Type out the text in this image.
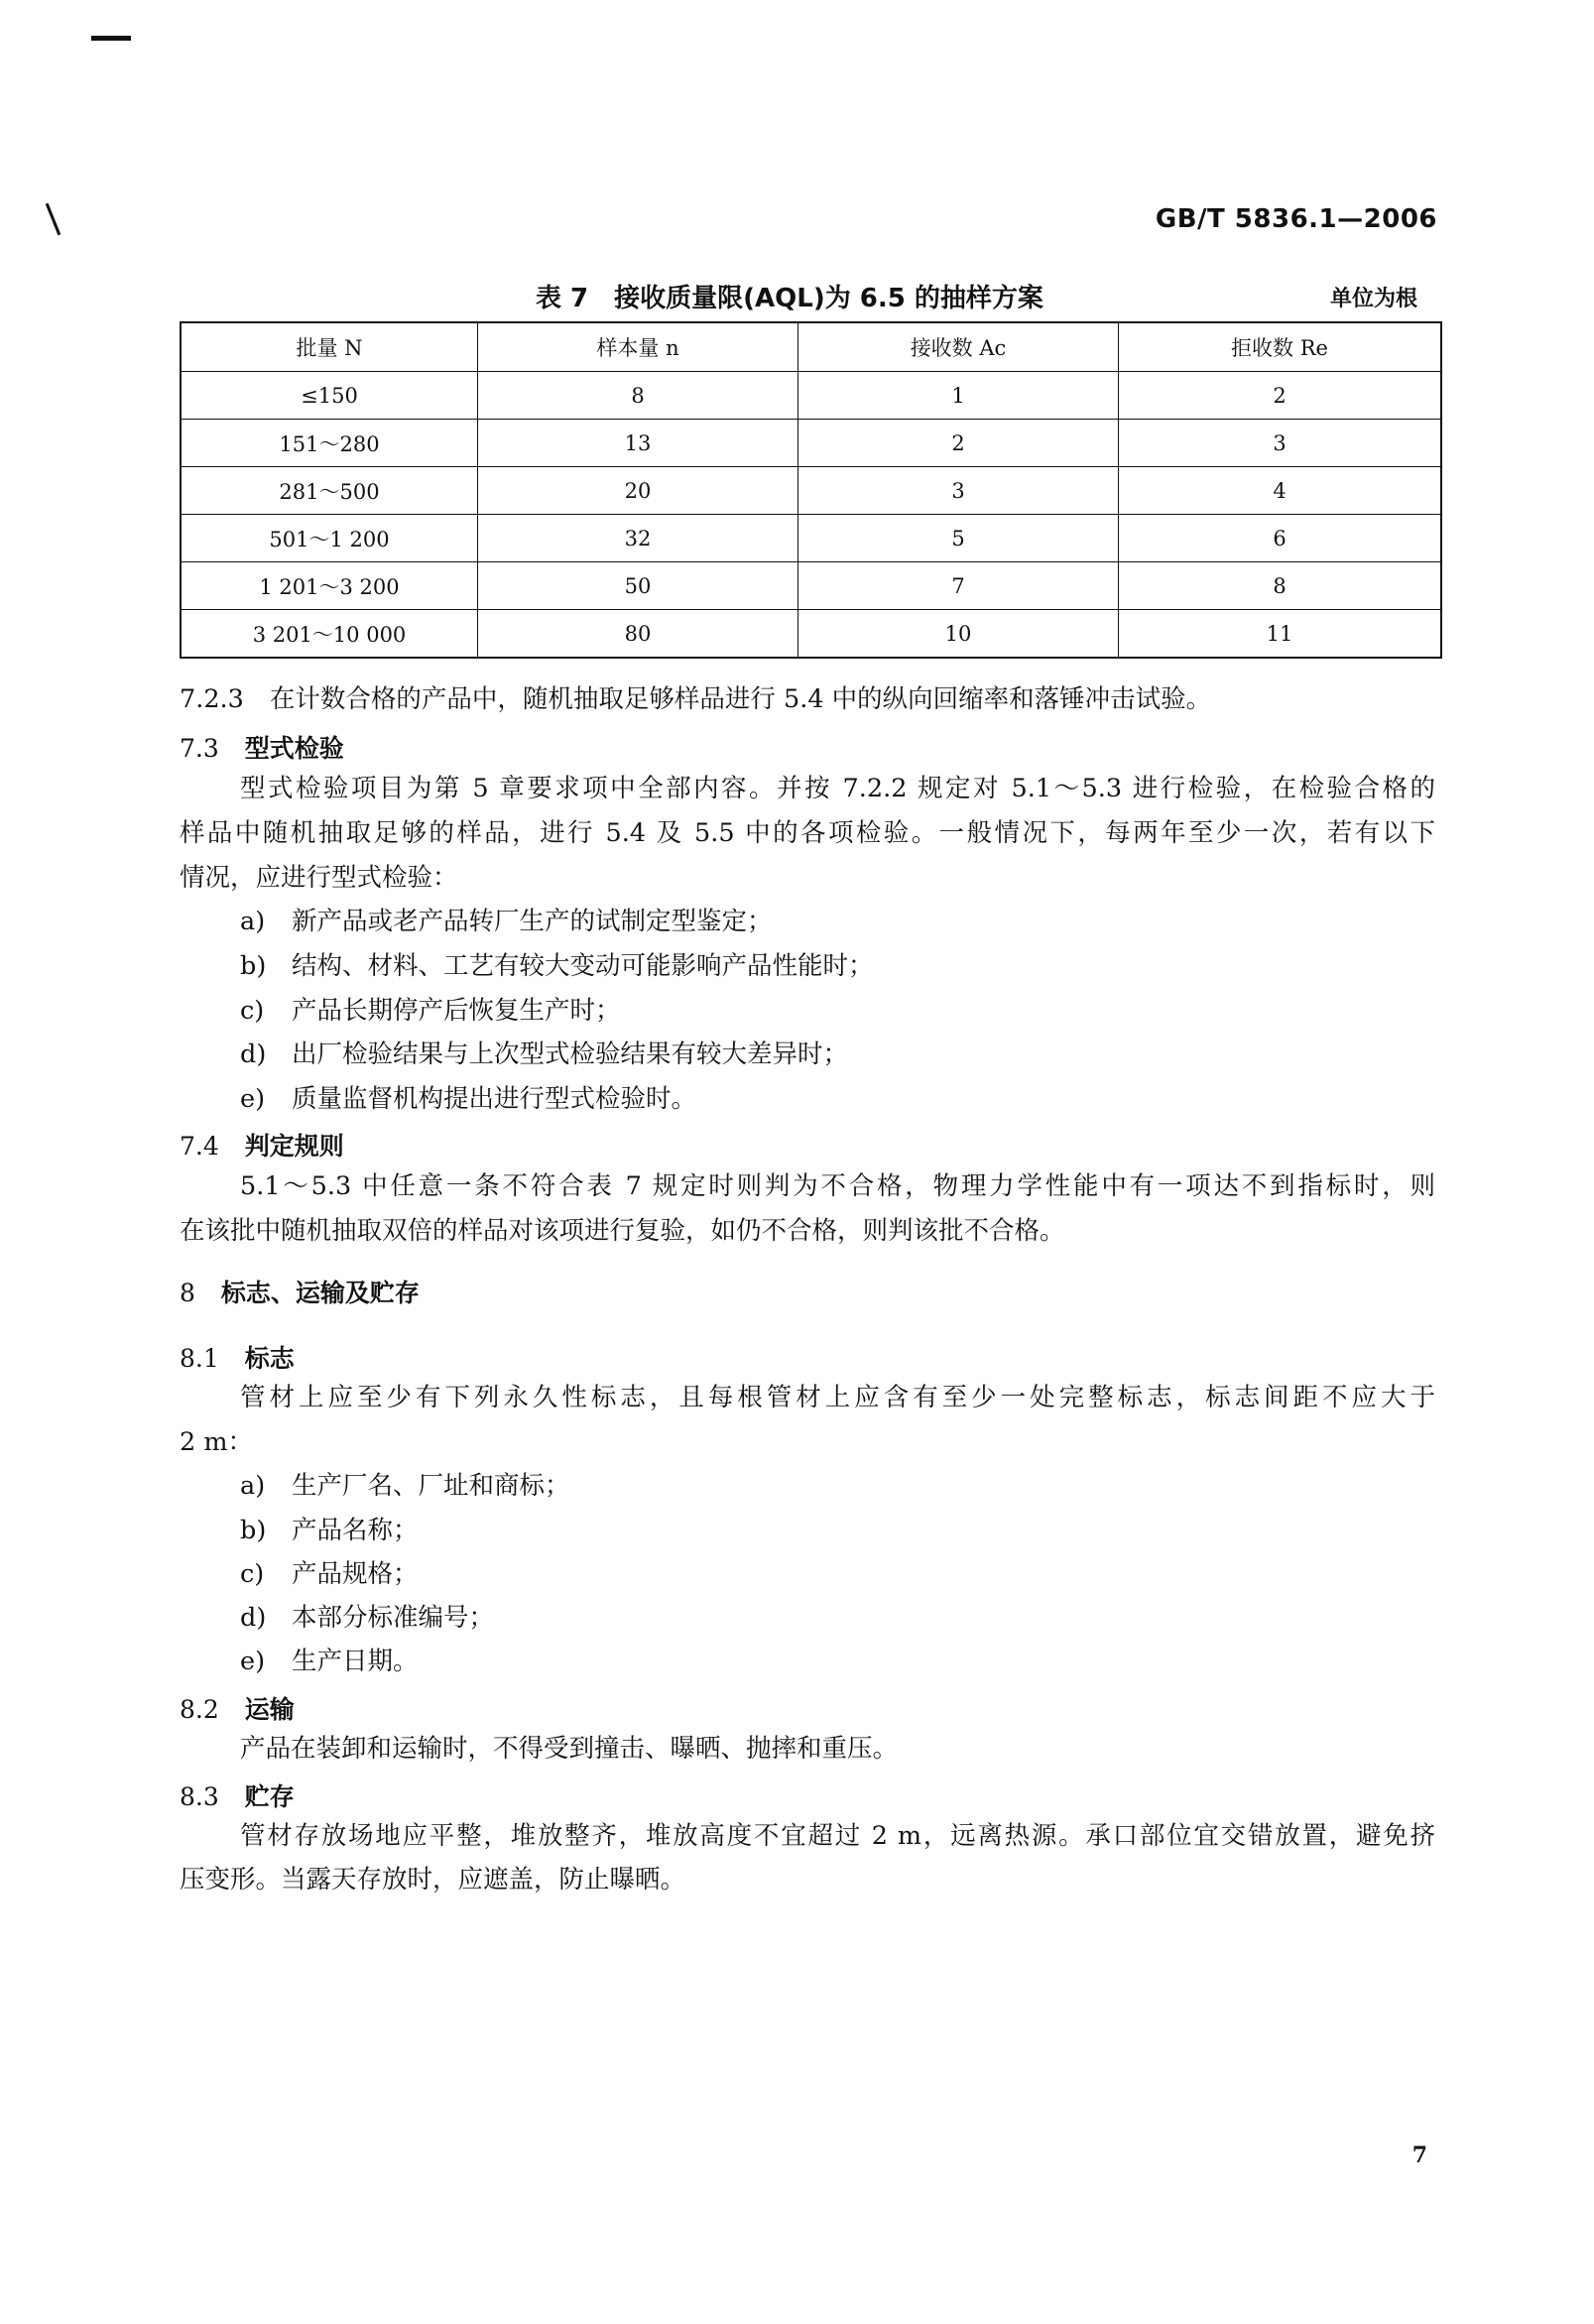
GB/T 5836.1—2006
表 7　接收质量限(AQL)为 6.5 的抽样方案	单位为根
批量 N	样本量 n	接收数 Ac	拒收数 Re
≤150	8	1	2
151～280	13	2	3
281～500	20	3	4
501～1 200	32	5	6
1 201～3 200	50	7	8
3 201～10 000	80	10	11
7.2.3 在计数合格的产品中，随机抽取足够样品进行 5.4 中的纵向回缩率和落锤冲击试验。
7.3 型式检验
型式检验项目为第 5 章要求项中全部内容。并按 7.2.2 规定对 5.1～5.3 进行检验，在检验合格的
样品中随机抽取足够的样品，进行 5.4 及 5.5 中的各项检验。一般情况下，每两年至少一次，若有以下
情况，应进行型式检验：
a) 新产品或老产品转厂生产的试制定型鉴定；
b) 结构、材料、工艺有较大变动可能影响产品性能时；
c) 产品长期停产后恢复生产时；
d) 出厂检验结果与上次型式检验结果有较大差异时；
e) 质量监督机构提出进行型式检验时。
7.4 判定规则
5.1～5.3 中任意一条不符合表 7 规定时则判为不合格，物理力学性能中有一项达不到指标时，则
在该批中随机抽取双倍的样品对该项进行复验，如仍不合格，则判该批不合格。
8 标志、运输及贮存
8.1 标志
管材上应至少有下列永久性标志，且每根管材上应含有至少一处完整标志，标志间距不应大于
2 m：
a) 生产厂名、厂址和商标；
b) 产品名称；
c) 产品规格；
d) 本部分标准编号；
e) 生产日期。
8.2 运输
产品在装卸和运输时，不得受到撞击、曝晒、抛摔和重压。
8.3 贮存
管材存放场地应平整，堆放整齐，堆放高度不宜超过 2 m，远离热源。承口部位宜交错放置，避免挤
压变形。当露天存放时，应遮盖，防止曝晒。
7
